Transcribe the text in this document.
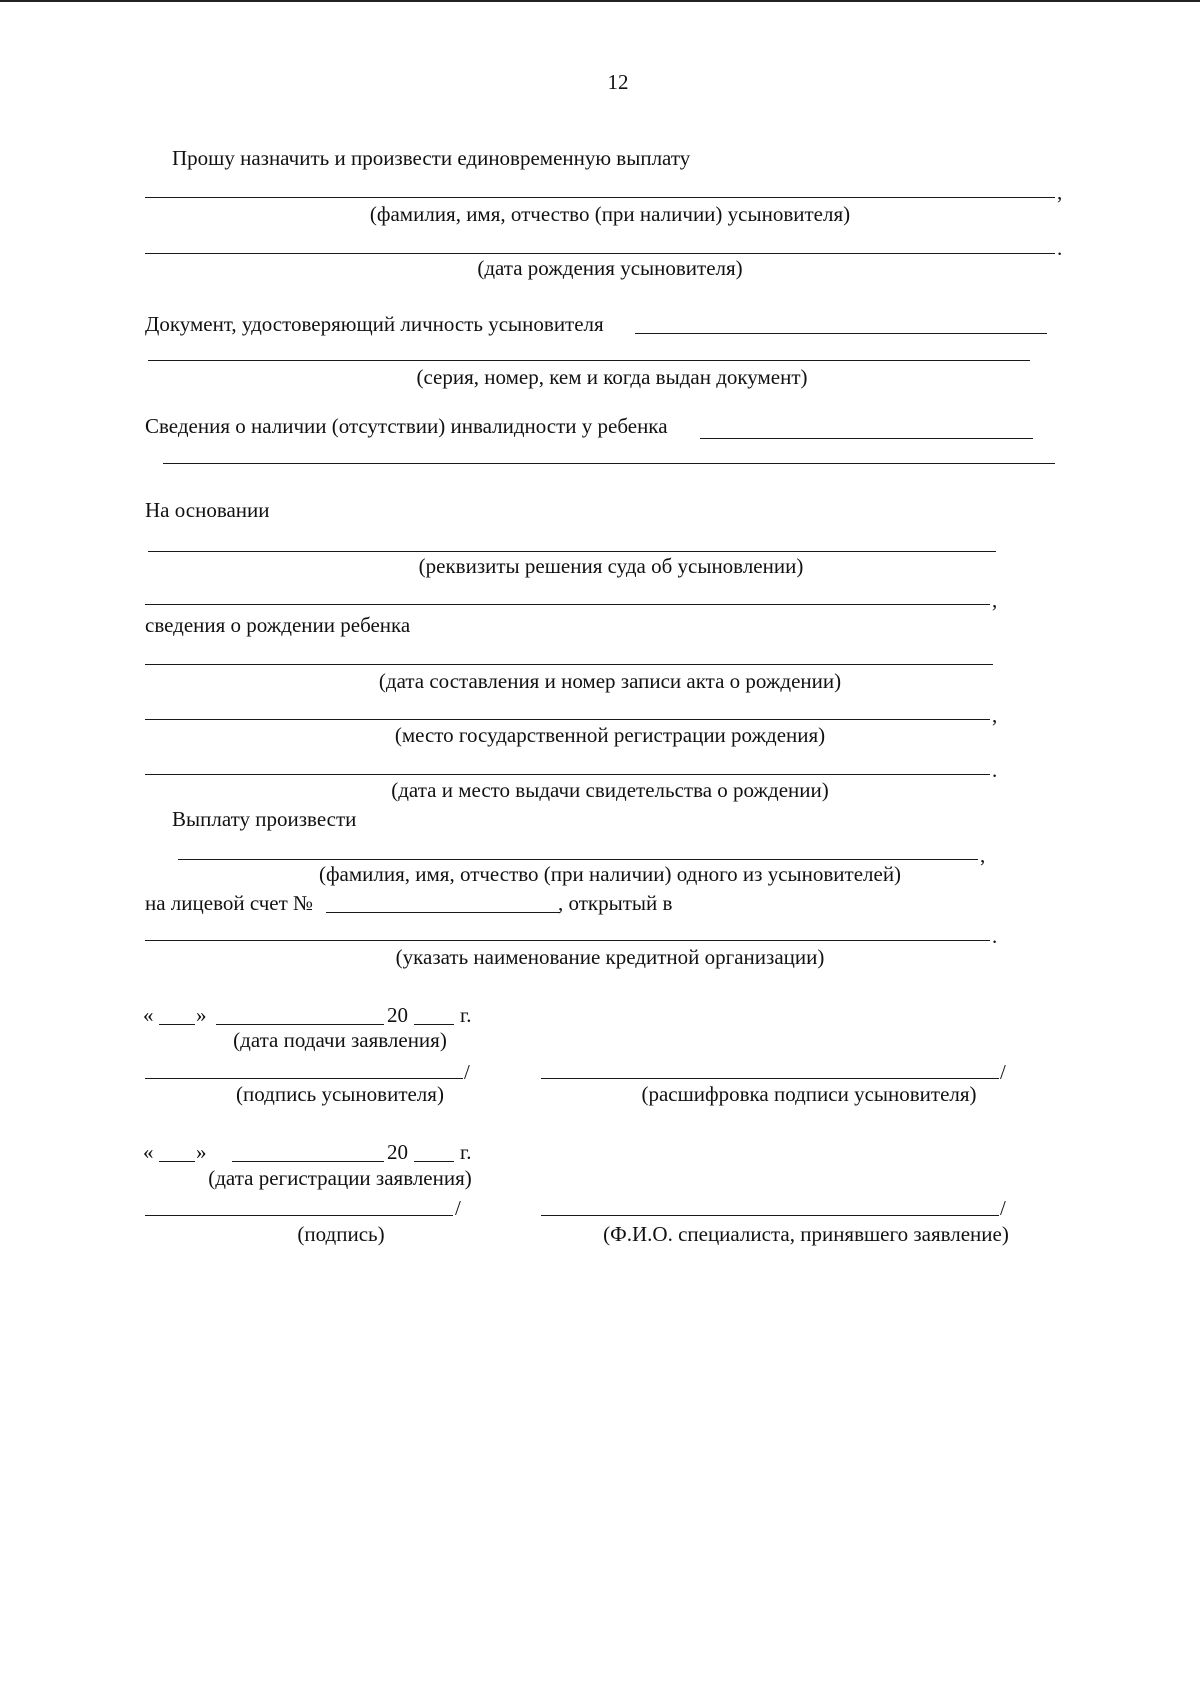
12
Прошу назначить и произвести единовременную выплату
,
(фамилия, имя, отчество (при наличии) усыновителя)
.
(дата рождения усыновителя)
Документ, удостоверяющий личность усыновителя
(серия, номер, кем и когда выдан документ)
Сведения о наличии (отсутствии) инвалидности у ребенка
На основании
(реквизиты решения суда об усыновлении)
,
сведения о рождении ребенка
(дата составления и номер записи акта о рождении)
,
(место государственной регистрации рождения)
.
(дата и место выдачи свидетельства о рождении)
Выплату произвести
,
(фамилия, имя, отчество (при наличии) одного из усыновителей)
на лицевой счет №	, открытый в
.
(указать наименование кредитной организации)
« »	20 г.
(дата подачи заявления)
/	/
(подпись усыновителя)	(расшифровка подписи усыновителя)
« »	20 г.
(дата регистрации заявления)
/	/
(подпись)	(Ф.И.О. специалиста, принявшего заявление)
